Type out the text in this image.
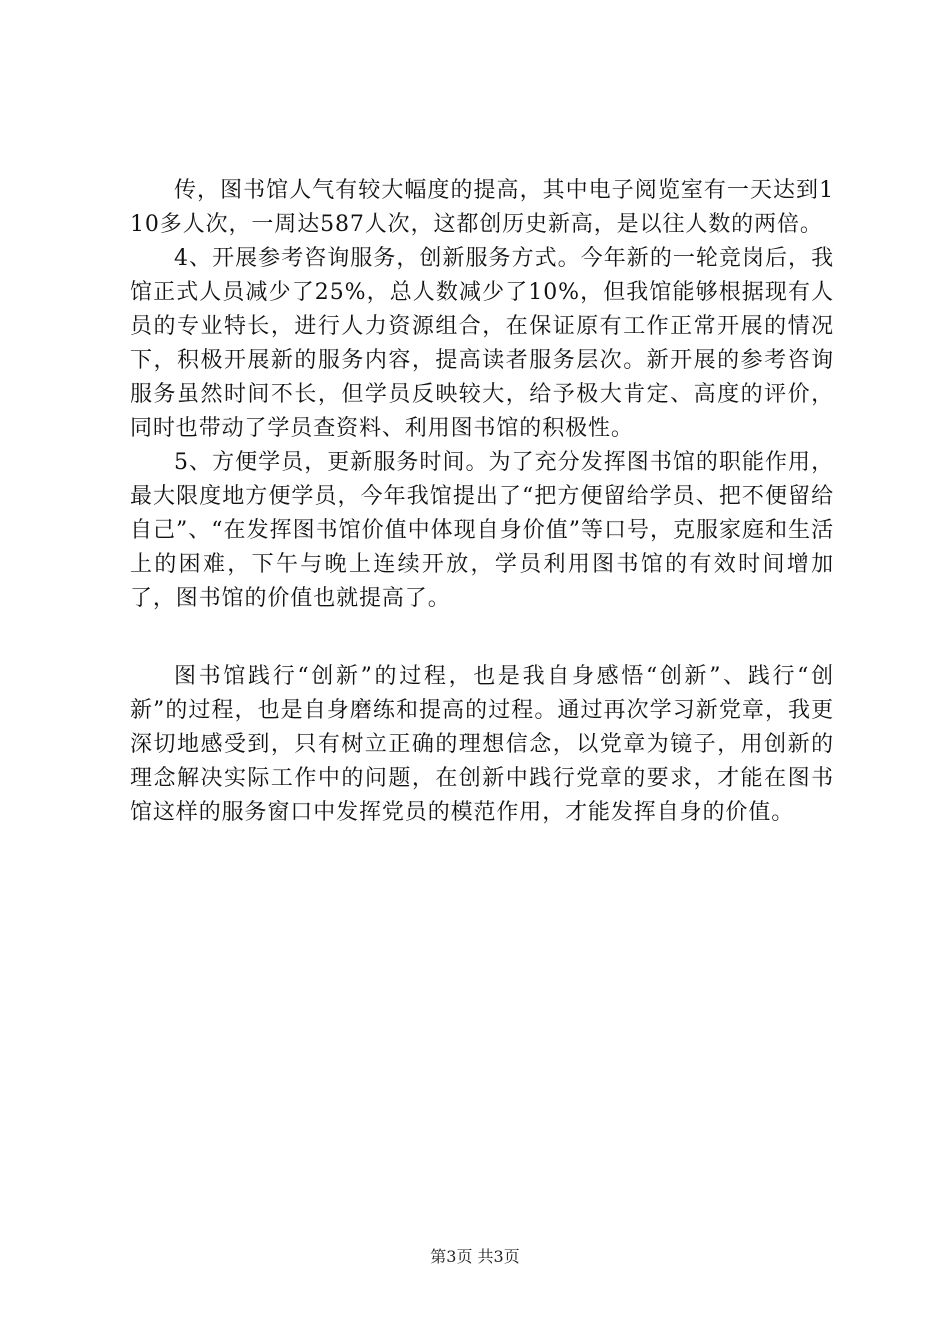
传，图书馆人气有较大幅度的提高，其中电子阅览室有一天达到110多人次，一周达587人次，这都创历史新高，是以往人数的两倍。

4、开展参考咨询服务，创新服务方式。今年新的一轮竞岗后，我馆正式人员减少了25%，总人数减少了10%，但我馆能够根据现有人员的专业特长，进行人力资源组合，在保证原有工作正常开展的情况下，积极开展新的服务内容，提高读者服务层次。新开展的参考咨询服务虽然时间不长，但学员反映较大，给予极大肯定、高度的评价，同时也带动了学员查资料、利用图书馆的积极性。

5、方便学员，更新服务时间。为了充分发挥图书馆的职能作用，最大限度地方便学员，今年我馆提出了“把方便留给学员、把不便留给自己”、“在发挥图书馆价值中体现自身价值”等口号，克服家庭和生活上的困难，下午与晚上连续开放，学员利用图书馆的有效时间增加了，图书馆的价值也就提高了。

图书馆践行“创新”的过程，也是我自身感悟“创新”、践行“创新”的过程，也是自身磨练和提高的过程。通过再次学习新党章，我更深切地感受到，只有树立正确的理想信念，以党章为镜子，用创新的理念解决实际工作中的问题，在创新中践行党章的要求，才能在图书馆这样的服务窗口中发挥党员的模范作用，才能发挥自身的价值。

第3页 共3页
